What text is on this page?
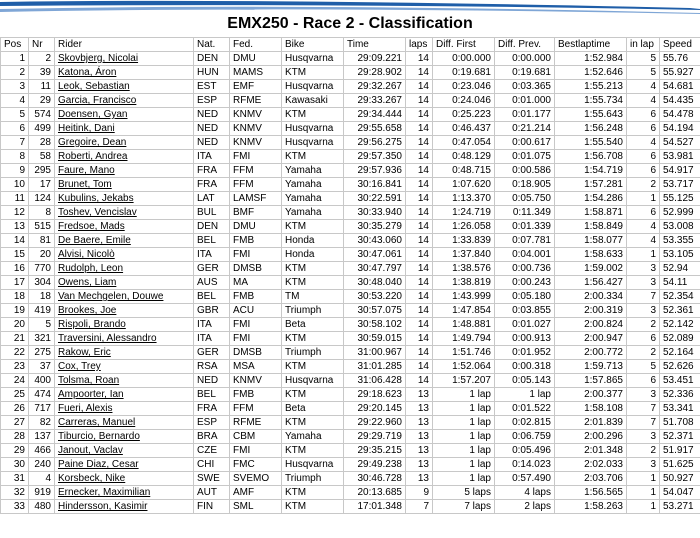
EMX250 - Race 2 - Classification
Pos	Nr	Rider	Nat.	Fed.	Bike	Time	laps	Diff. First	Diff. Prev.	Bestlaptime	in lap	Speed
1	2	Skovbjerg, Nicolai	DEN	DMU	Husqvarna	29:09.221	14	0:00.000	0:00.000	1:52.984	5	55.76
2	39	Katona, Áron	HUN	MAMS	KTM	29:28.902	14	0:19.681	0:19.681	1:52.646	5	55.927
3	11	Leok, Sebastian	EST	EMF	Husqvarna	29:32.267	14	0:23.046	0:03.365	1:55.213	4	54.681
4	29	Garcia, Francisco	ESP	RFME	Kawasaki	29:33.267	14	0:24.046	0:01.000	1:55.734	4	54.435
5	574	Doensen, Gyan	NED	KNMV	KTM	29:34.444	14	0:25.223	0:01.177	1:55.643	6	54.478
6	499	Heitink, Dani	NED	KNMV	Husqvarna	29:55.658	14	0:46.437	0:21.214	1:56.248	6	54.194
7	28	Gregoire, Dean	NED	KNMV	Husqvarna	29:56.275	14	0:47.054	0:00.617	1:55.540	4	54.527
8	58	Roberti, Andrea	ITA	FMI	KTM	29:57.350	14	0:48.129	0:01.075	1:56.708	6	53.981
9	295	Faure, Mano	FRA	FFM	Yamaha	29:57.936	14	0:48.715	0:00.586	1:54.719	6	54.917
10	17	Brunet, Tom	FRA	FFM	Yamaha	30:16.841	14	1:07.620	0:18.905	1:57.281	2	53.717
11	124	Kubulins, Jekabs	LAT	LAMSF	Yamaha	30:22.591	14	1:13.370	0:05.750	1:54.286	1	55.125
12	8	Toshev, Vencislav	BUL	BMF	Yamaha	30:33.940	14	1:24.719	0:11.349	1:58.871	6	52.999
13	515	Fredsoe, Mads	DEN	DMU	KTM	30:35.279	14	1:26.058	0:01.339	1:58.849	4	53.008
14	81	De Baere, Emile	BEL	FMB	Honda	30:43.060	14	1:33.839	0:07.781	1:58.077	4	53.355
15	20	Alvisi, Nicolò	ITA	FMI	Honda	30:47.061	14	1:37.840	0:04.001	1:58.633	1	53.105
16	770	Rudolph, Leon	GER	DMSB	KTM	30:47.797	14	1:38.576	0:00.736	1:59.002	3	52.94
17	304	Owens, Liam	AUS	MA	KTM	30:48.040	14	1:38.819	0:00.243	1:56.427	3	54.11
18	18	Van Mechgelen, Douwe	BEL	FMB	TM	30:53.220	14	1:43.999	0:05.180	2:00.334	7	52.354
19	419	Brookes, Joe	GBR	ACU	Triumph	30:57.075	14	1:47.854	0:03.855	2:00.319	3	52.361
20	5	Rispoli, Brando	ITA	FMI	Beta	30:58.102	14	1:48.881	0:01.027	2:00.824	2	52.142
21	321	Traversini, Alessandro	ITA	FMI	KTM	30:59.015	14	1:49.794	0:00.913	2:00.947	6	52.089
22	275	Rakow, Eric	GER	DMSB	Triumph	31:00.967	14	1:51.746	0:01.952	2:00.772	2	52.164
23	37	Cox, Trey	RSA	MSA	KTM	31:01.285	14	1:52.064	0:00.318	1:59.713	5	52.626
24	400	Tolsma, Roan	NED	KNMV	Husqvarna	31:06.428	14	1:57.207	0:05.143	1:57.865	6	53.451
25	474	Ampoorter, Ian	BEL	FMB	KTM	29:18.623	13	1 lap	1 lap	2:00.377	3	52.336
26	717	Fueri, Alexis	FRA	FFM	Beta	29:20.145	13	1 lap	0:01.522	1:58.108	7	53.341
27	82	Carreras, Manuel	ESP	RFME	KTM	29:22.960	13	1 lap	0:02.815	2:01.839	7	51.708
28	137	Tiburcio, Bernardo	BRA	CBM	Yamaha	29:29.719	13	1 lap	0:06.759	2:00.296	3	52.371
29	466	Janout, Vaclav	CZE	FMI	KTM	29:35.215	13	1 lap	0:05.496	2:01.348	2	51.917
30	240	Paine Diaz, Cesar	CHI	FMC	Husqvarna	29:49.238	13	1 lap	0:14.023	2:02.033	3	51.625
31	4	Korsbeck, Nike	SWE	SVEMO	Triumph	30:46.728	13	1 lap	0:57.490	2:03.706	1	50.927
32	919	Ernecker, Maximilian	AUT	AMF	KTM	20:13.685	9	5 laps	4 laps	1:56.565	1	54.047
33	480	Hindersson, Kasimir	FIN	SML	KTM	17:01.348	7	7 laps	2 laps	1:58.263	1	53.271
